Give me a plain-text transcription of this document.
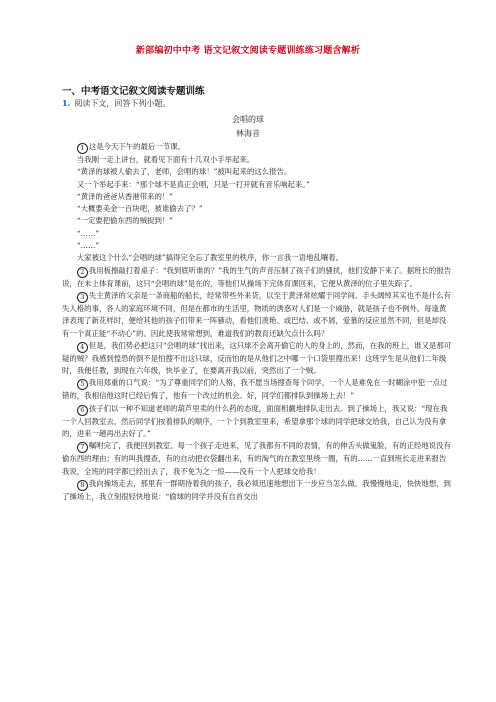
新部编初中中考 语文记叙文阅读专题训练练习题含解析
一、中考语文记叙文阅读专题训练
1. 阅读下文，回答下列小题。
会唱的球
林海音

1 这是今天下午的最后一节课。

当我刚一走上讲台，就看见下面有十几双小手举起来。

“黄泽的球被人偷去了，老师，会唱的球！”被叫起来的这么报告。

又一个举起手来：“那个球不是真正会唱，只是一打开就有音乐响起来。”

“黄泽的爸爸从香港带来的！”

“大概要美金一百块吧，被谁偷去了？”

“一定要把偷东西的贼捉到！”

“……”

“……”

大家被这个什么“会唱的球”搞得完全忘了教室里的秩序，你一言我一语地乱嚷着。

2 我用板擦敲打着桌子：“我到底听谁的？”我的生气的声音压制了孩子们的骚扰，他们安静下来了。据班长的报告说，在未上体育课前，这只“会唱的球”是在的，等他们从操场下完体育课回来，它便从黄泽的位子里失踪了。

3 失主黄泽的父亲是一条商船的船长，经常带些外来货，以至于黄泽常炫耀于同学间。手头阔绰其实也不是什么有失人格的事，各人的家庭环境不同，但是在都市的生活里，物质的诱惑对人们是一个威胁，就是孩子也不例外。每逢黄泽表现了新花样时，便给其他的孩子们带来一阵骚动，看他们羡艳、或巴结、或不屑，爱慕的反应虽然不同，但是却没有一个真正能“不动心”的。因此使我常常想到，难道我们的教育还缺欠点什么吗？

4 但是，我们势必把这只“会唱的球”找出来，这只球不会离开偷它的人的身上的，然而，在我的班上，谁又是那可疑的贼？我感到惶恐的倒不是怕搜不出这只球，反而怕的是从他们之中哪一个口袋里搜出来！这班学生是从他们二年级时，我便任教，到现在六年级，快毕业了，在要离开我以前，突然出了一个贼。

5 我用郑重的口气说：“为了尊重同学们的人格，我不愿当场搜查每个同学，一个人是难免在一时糊涂中犯一点过错的，我相信他这时已经后悔了，他有一个改过的机会。好，同学们都排队到操场上去！”

6 孩子们以一种不知道老师的葫芦里卖的什么药的态度，面面相觑地排队走出去。到了操场上，我又说：“现在我一个人回教室去，然后同学们按着排队的顺序，一个个到教室里来，希望拿那个球的同学把球交给我，自己认为没有拿的，进来一趟再出去好了。”

7 嘱咐完了，我便回到教室。每一个孩子走进来，见了我都有不同的表情，有的伸舌头做鬼脸，有的正经地说没有偷东西的理由；有的叫我搜查，有的自动把衣袋翻出来，有的淘气的在教室里绕一圈，有的……一直到班长走进来报告我说，全班的同学都已经出去了，我不免为之一惊——没有一个人把球交给我！

8 我向操场走去，那里有一群期待着我的孩子，我必须迅速地想出下一步应当怎么做。我慢慢地走，快快地想，到了操场上，我立刻很轻快地说：“偷球的同学并没有自首交出
